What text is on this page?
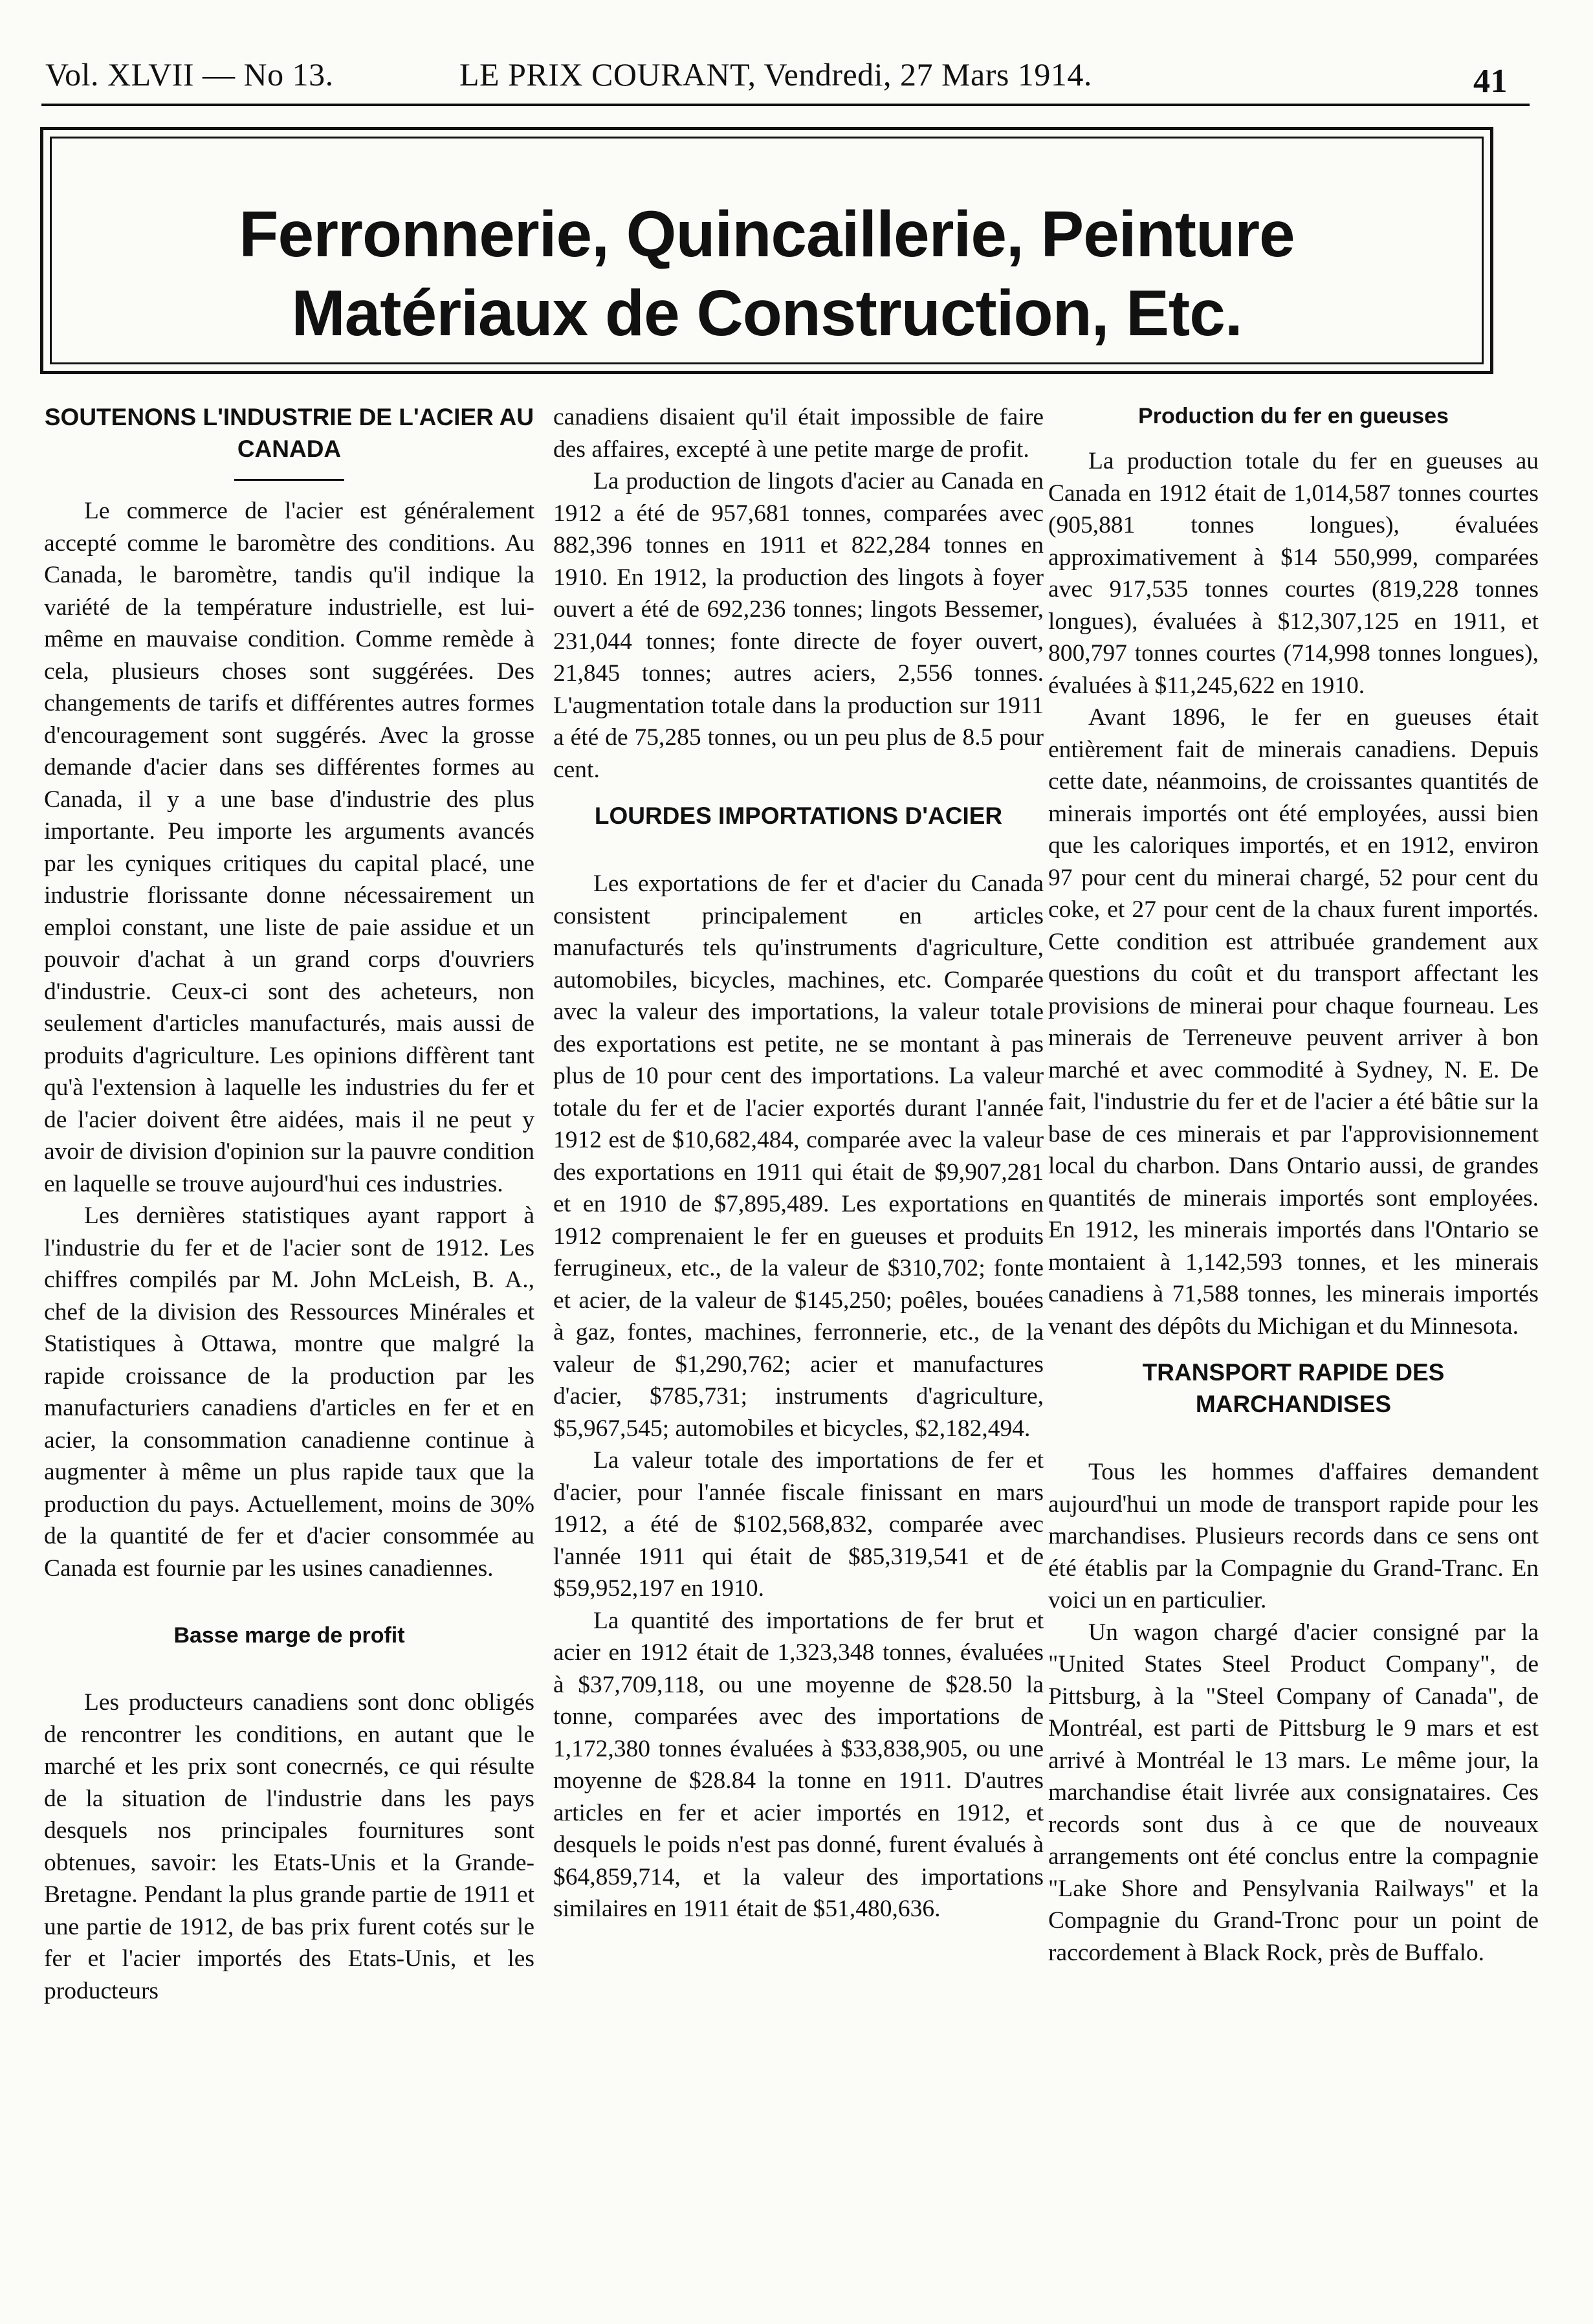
Vol. XLVII — No 13.	LE PRIX COURANT, Vendredi, 27 Mars 1914.	41
Ferronnerie, Quincaillerie, Peinture
Matériaux de Construction, Etc.
SOUTENONS L'INDUSTRIE DE L'ACIER AU CANADA

Le commerce de l'acier est généralement accepté comme le baromètre des conditions. Au Canada, le baromètre, tandis qu'il indique la variété de la température industrielle, est lui-même en mauvaise condition. Comme remède à cela, plusieurs choses sont suggérées. Des changements de tarifs et différentes autres formes d'encouragement sont suggérés. Avec la grosse demande d'acier dans ses différentes formes au Canada, il y a une base d'industrie des plus importante. Peu importe les arguments avancés par les cyniques critiques du capital placé, une industrie florissante donne nécessairement un emploi constant, une liste de paie assidue et un pouvoir d'achat à un grand corps d'ouvriers d'industrie. Ceux-ci sont des acheteurs, non seulement d'articles manufacturés, mais aussi de produits d'agriculture. Les opinions diffèrent tant qu'à l'extension à laquelle les industries du fer et de l'acier doivent être aidées, mais il ne peut y avoir de division d'opinion sur la pauvre condition en laquelle se trouve aujourd'hui ces industries.

Les dernières statistiques ayant rapport à l'industrie du fer et de l'acier sont de 1912. Les chiffres compilés par M. John McLeish, B. A., chef de la division des Ressources Minérales et Statistiques à Ottawa, montre que malgré la rapide croissance de la production par les manufacturiers canadiens d'articles en fer et en acier, la consommation canadienne continue à augmenter à même un plus rapide taux que la production du pays. Actuellement, moins de 30% de la quantité de fer et d'acier consommée au Canada est fournie par les usines canadiennes.

Basse marge de profit

Les producteurs canadiens sont donc obligés de rencontrer les conditions, en autant que le marché et les prix sont conecrnés, ce qui résulte de la situation de l'industrie dans les pays desquels nos principales fournitures sont obtenues, savoir: les Etats-Unis et la Grande-Bretagne. Pendant la plus grande partie de 1911 et une partie de 1912, de bas prix furent cotés sur le fer et l'acier importés des Etats-Unis, et les producteurs

canadiens disaient qu'il était impossible de faire des affaires, excepté à une petite marge de profit.

La production de lingots d'acier au Canada en 1912 a été de 957,681 tonnes, comparées avec 882,396 tonnes en 1911 et 822,284 tonnes en 1910. En 1912, la production des lingots à foyer ouvert a été de 692,236 tonnes; lingots Bessemer, 231,044 tonnes; fonte directe de foyer ouvert, 21,845 tonnes; autres aciers, 2,556 tonnes. L'augmentation totale dans la production sur 1911 a été de 75,285 tonnes, ou un peu plus de 8.5 pour cent.

LOURDES IMPORTATIONS D'ACIER

Les exportations de fer et d'acier du Canada consistent principalement en articles manufacturés tels qu'instruments d'agriculture, automobiles, bicycles, machines, etc. Comparée avec la valeur des importations, la valeur totale des exportations est petite, ne se montant à pas plus de 10 pour cent des importations. La valeur totale du fer et de l'acier exportés durant l'année 1912 est de $10,682,484, comparée avec la valeur des exportations en 1911 qui était de $9,907,281 et en 1910 de $7,895,489. Les exportations en 1912 comprenaient le fer en gueuses et produits ferrugineux, etc., de la valeur de $310,702; fonte et acier, de la valeur de $145,250; poêles, bouées à gaz, fontes, machines, ferronnerie, etc., de la valeur de $1,290,762; acier et manufactures d'acier, $785,731; instruments d'agriculture, $5,967,545; automobiles et bicycles, $2,182,494.

La valeur totale des importations de fer et d'acier, pour l'année fiscale finissant en mars 1912, a été de $102,568,832, comparée avec l'année 1911 qui était de $85,319,541 et de $59,952,197 en 1910.

La quantité des importations de fer brut et acier en 1912 était de 1,323,348 tonnes, évaluées à $37,709,118, ou une moyenne de $28.50 la tonne, comparées avec des importations de 1,172,380 tonnes évaluées à $33,838,905, ou une moyenne de $28.84 la tonne en 1911. D'autres articles en fer et acier importés en 1912, et desquels le poids n'est pas donné, furent évalués à $64,859,714, et la valeur des importations similaires en 1911 était de $51,480,636.

Production du fer en gueuses

La production totale du fer en gueuses au Canada en 1912 était de 1,014,587 tonnes courtes (905,881 tonnes longues), évaluées approximativement à $14 550,999, comparées avec 917,535 tonnes courtes (819,228 tonnes longues), évaluées à $12,307,125 en 1911, et 800,797 tonnes courtes (714,998 tonnes longues), évaluées à $11,245,622 en 1910.

Avant 1896, le fer en gueuses était entièrement fait de minerais canadiens. Depuis cette date, néanmoins, de croissantes quantités de minerais importés ont été employées, aussi bien que les caloriques importés, et en 1912, environ 97 pour cent du minerai chargé, 52 pour cent du coke, et 27 pour cent de la chaux furent importés. Cette condition est attribuée grandement aux questions du coût et du transport affectant les provisions de minerai pour chaque fourneau. Les minerais de Terreneuve peuvent arriver à bon marché et avec commodité à Sydney, N. E. De fait, l'industrie du fer et de l'acier a été bâtie sur la base de ces minerais et par l'approvisionnement local du charbon. Dans Ontario aussi, de grandes quantités de minerais importés sont employées. En 1912, les minerais importés dans l'Ontario se montaient à 1,142,593 tonnes, et les minerais canadiens à 71,588 tonnes, les minerais importés venant des dépôts du Michigan et du Minnesota.

TRANSPORT RAPIDE DES MARCHANDISES

Tous les hommes d'affaires demandent aujourd'hui un mode de transport rapide pour les marchandises. Plusieurs records dans ce sens ont été établis par la Compagnie du Grand-Tranc. En voici un en particulier.

Un wagon chargé d'acier consigné par la "United States Steel Product Company", de Pittsburg, à la "Steel Company of Canada", de Montréal, est parti de Pittsburg le 9 mars et est arrivé à Montréal le 13 mars. Le même jour, la marchandise était livrée aux consignataires. Ces records sont dus à ce que de nouveaux arrangements ont été conclus entre la compagnie "Lake Shore and Pensylvania Railways" et la Compagnie du Grand-Tronc pour un point de raccordement à Black Rock, près de Buffalo.
